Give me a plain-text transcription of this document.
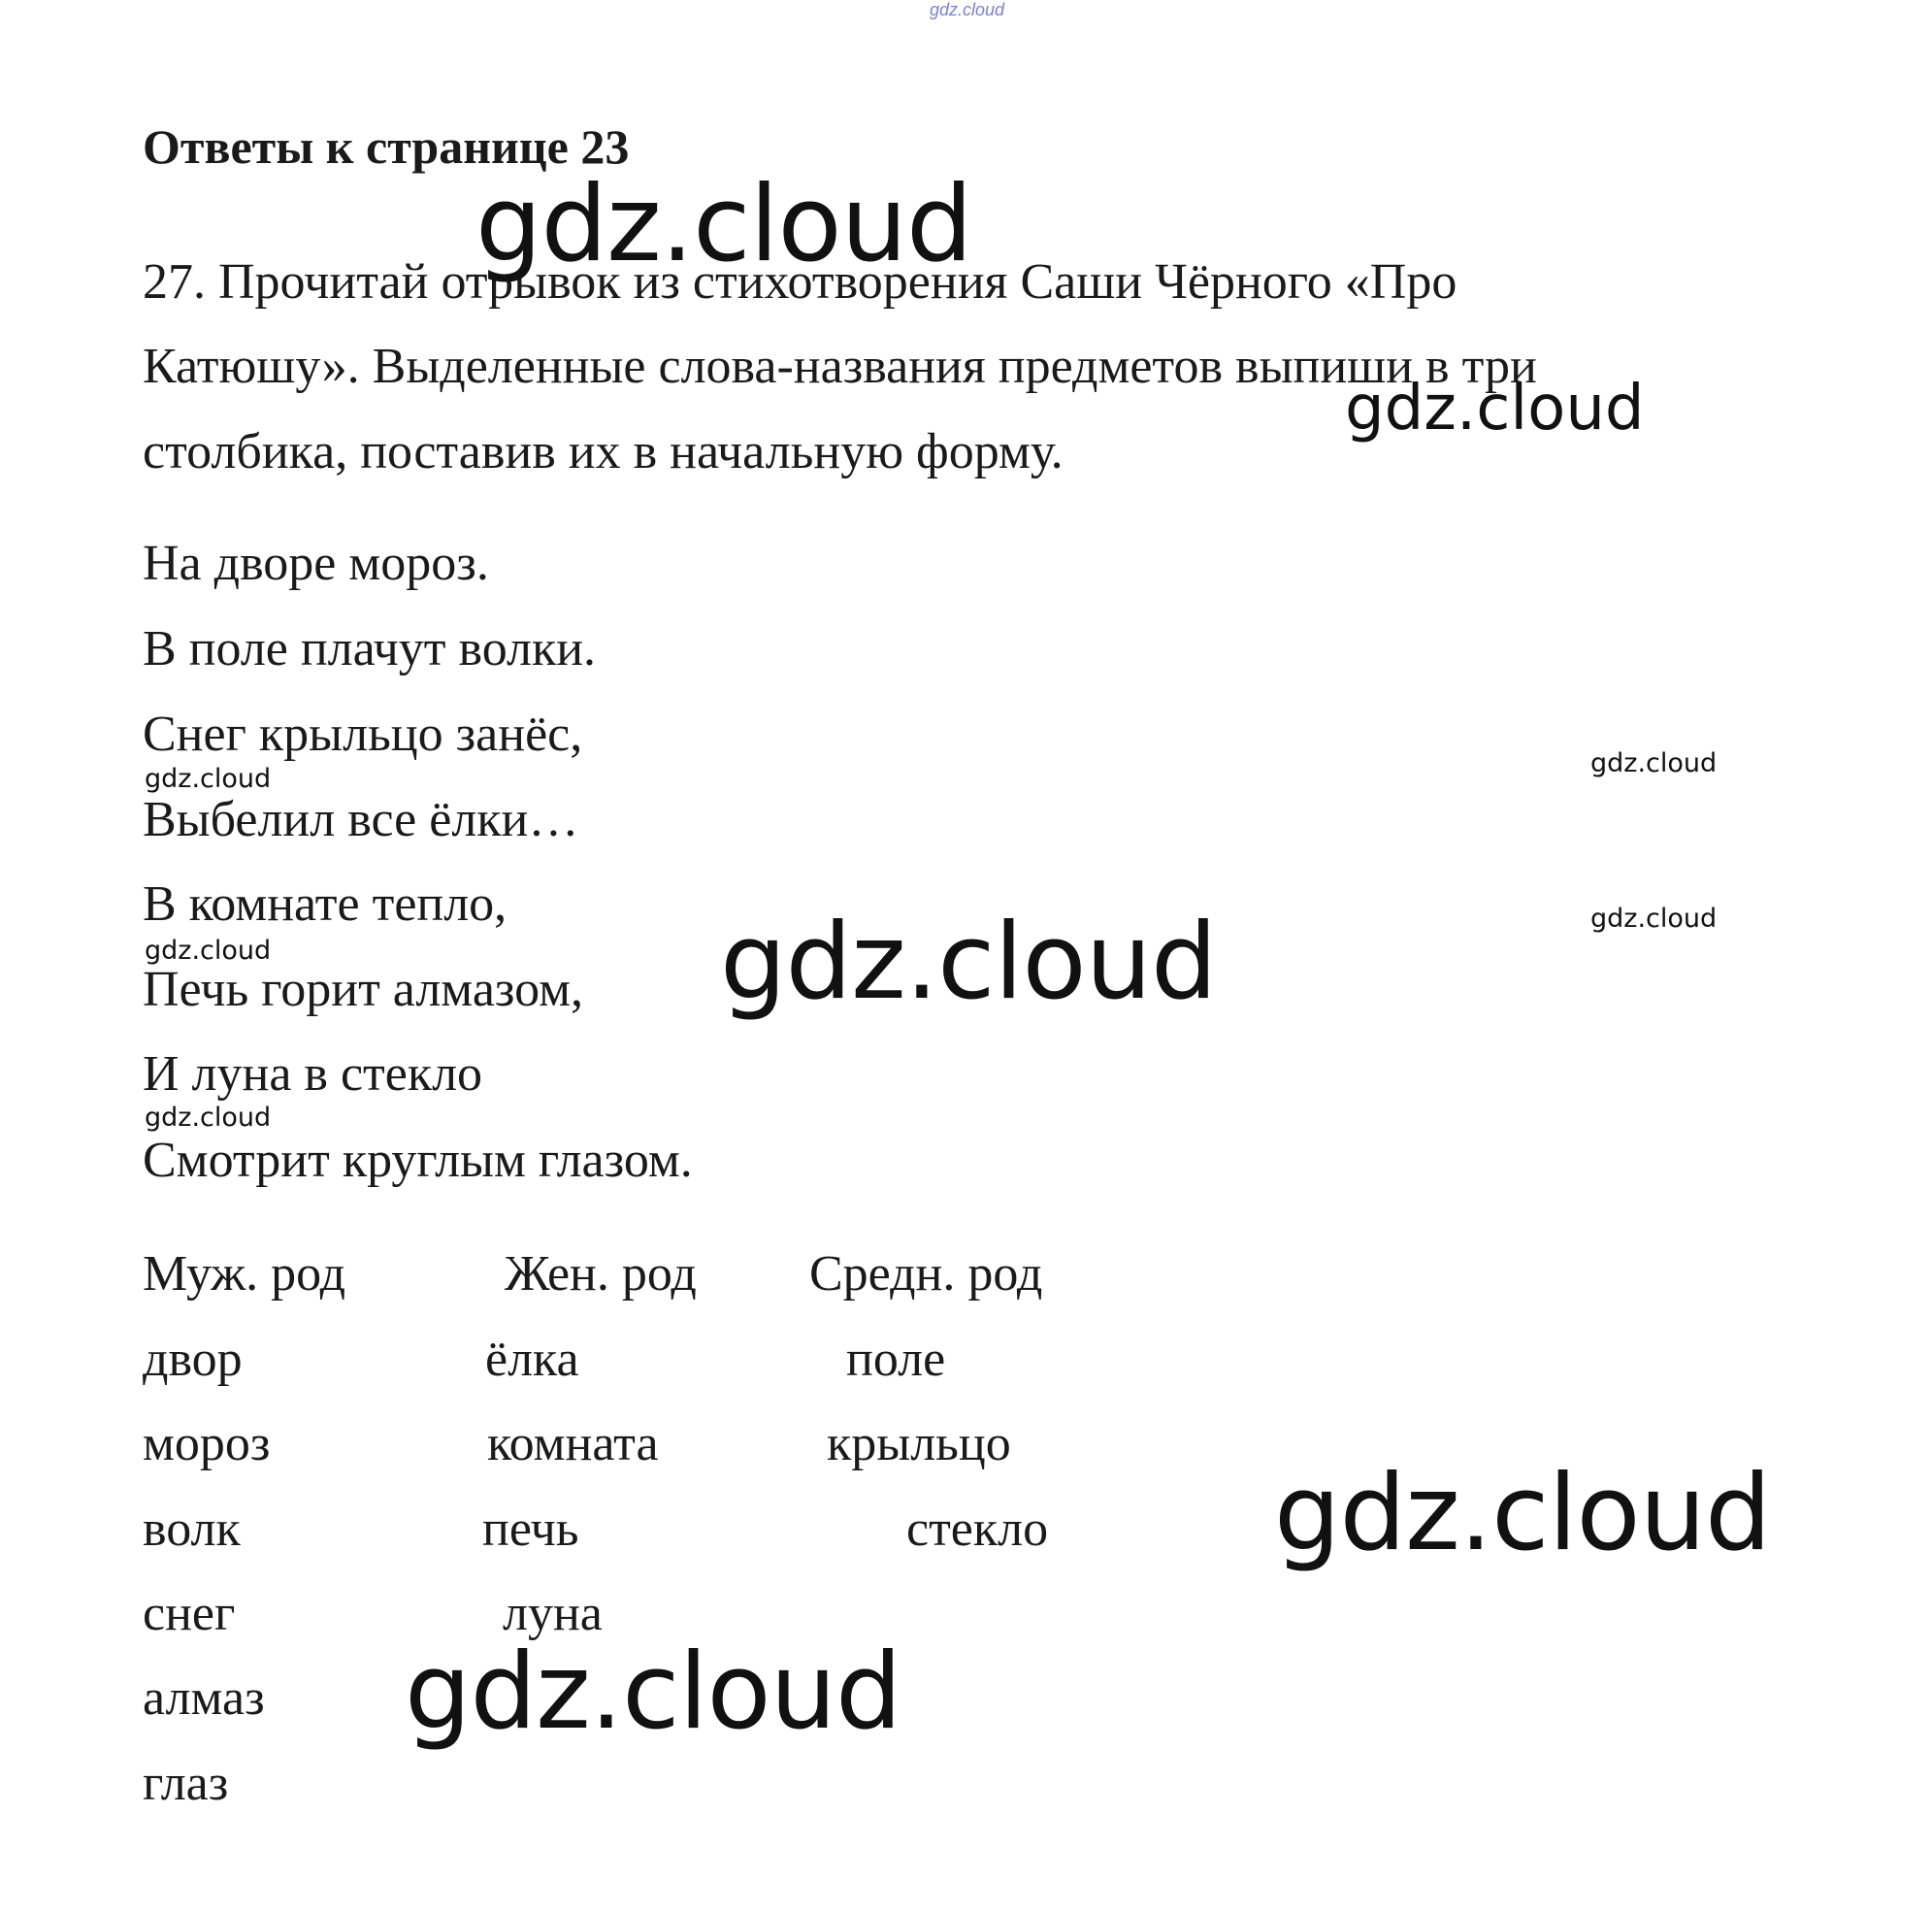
gdz.cloud
Ответы к странице 23
27. Прочитай отрывок из стихотворения Саши Чёрного «Про
Катюшу». Выделенные слова-названия предметов выпиши в три
столбика, поставив их в начальную форму.
На дворе мороз.
В поле плачут волки.
Снег крыльцо занёс,
Выбелил все ёлки…
В комнате тепло,
Печь горит алмазом,
И луна в стекло
Смотрит круглым глазом.
Муж. род	Жен. род Средн. род
двор
мороз
волк
снег
алмаз
глаз
ёлка
комната
печь
луна
поле
крыльцо
стекло
gdz.cloud
gdz.cloud
gdz.cloud
gdz.cloud
gdz.cloud
gdz.cloud
gdz.cloud
gdz.cloud
gdz.cloud
gdz.cloud
